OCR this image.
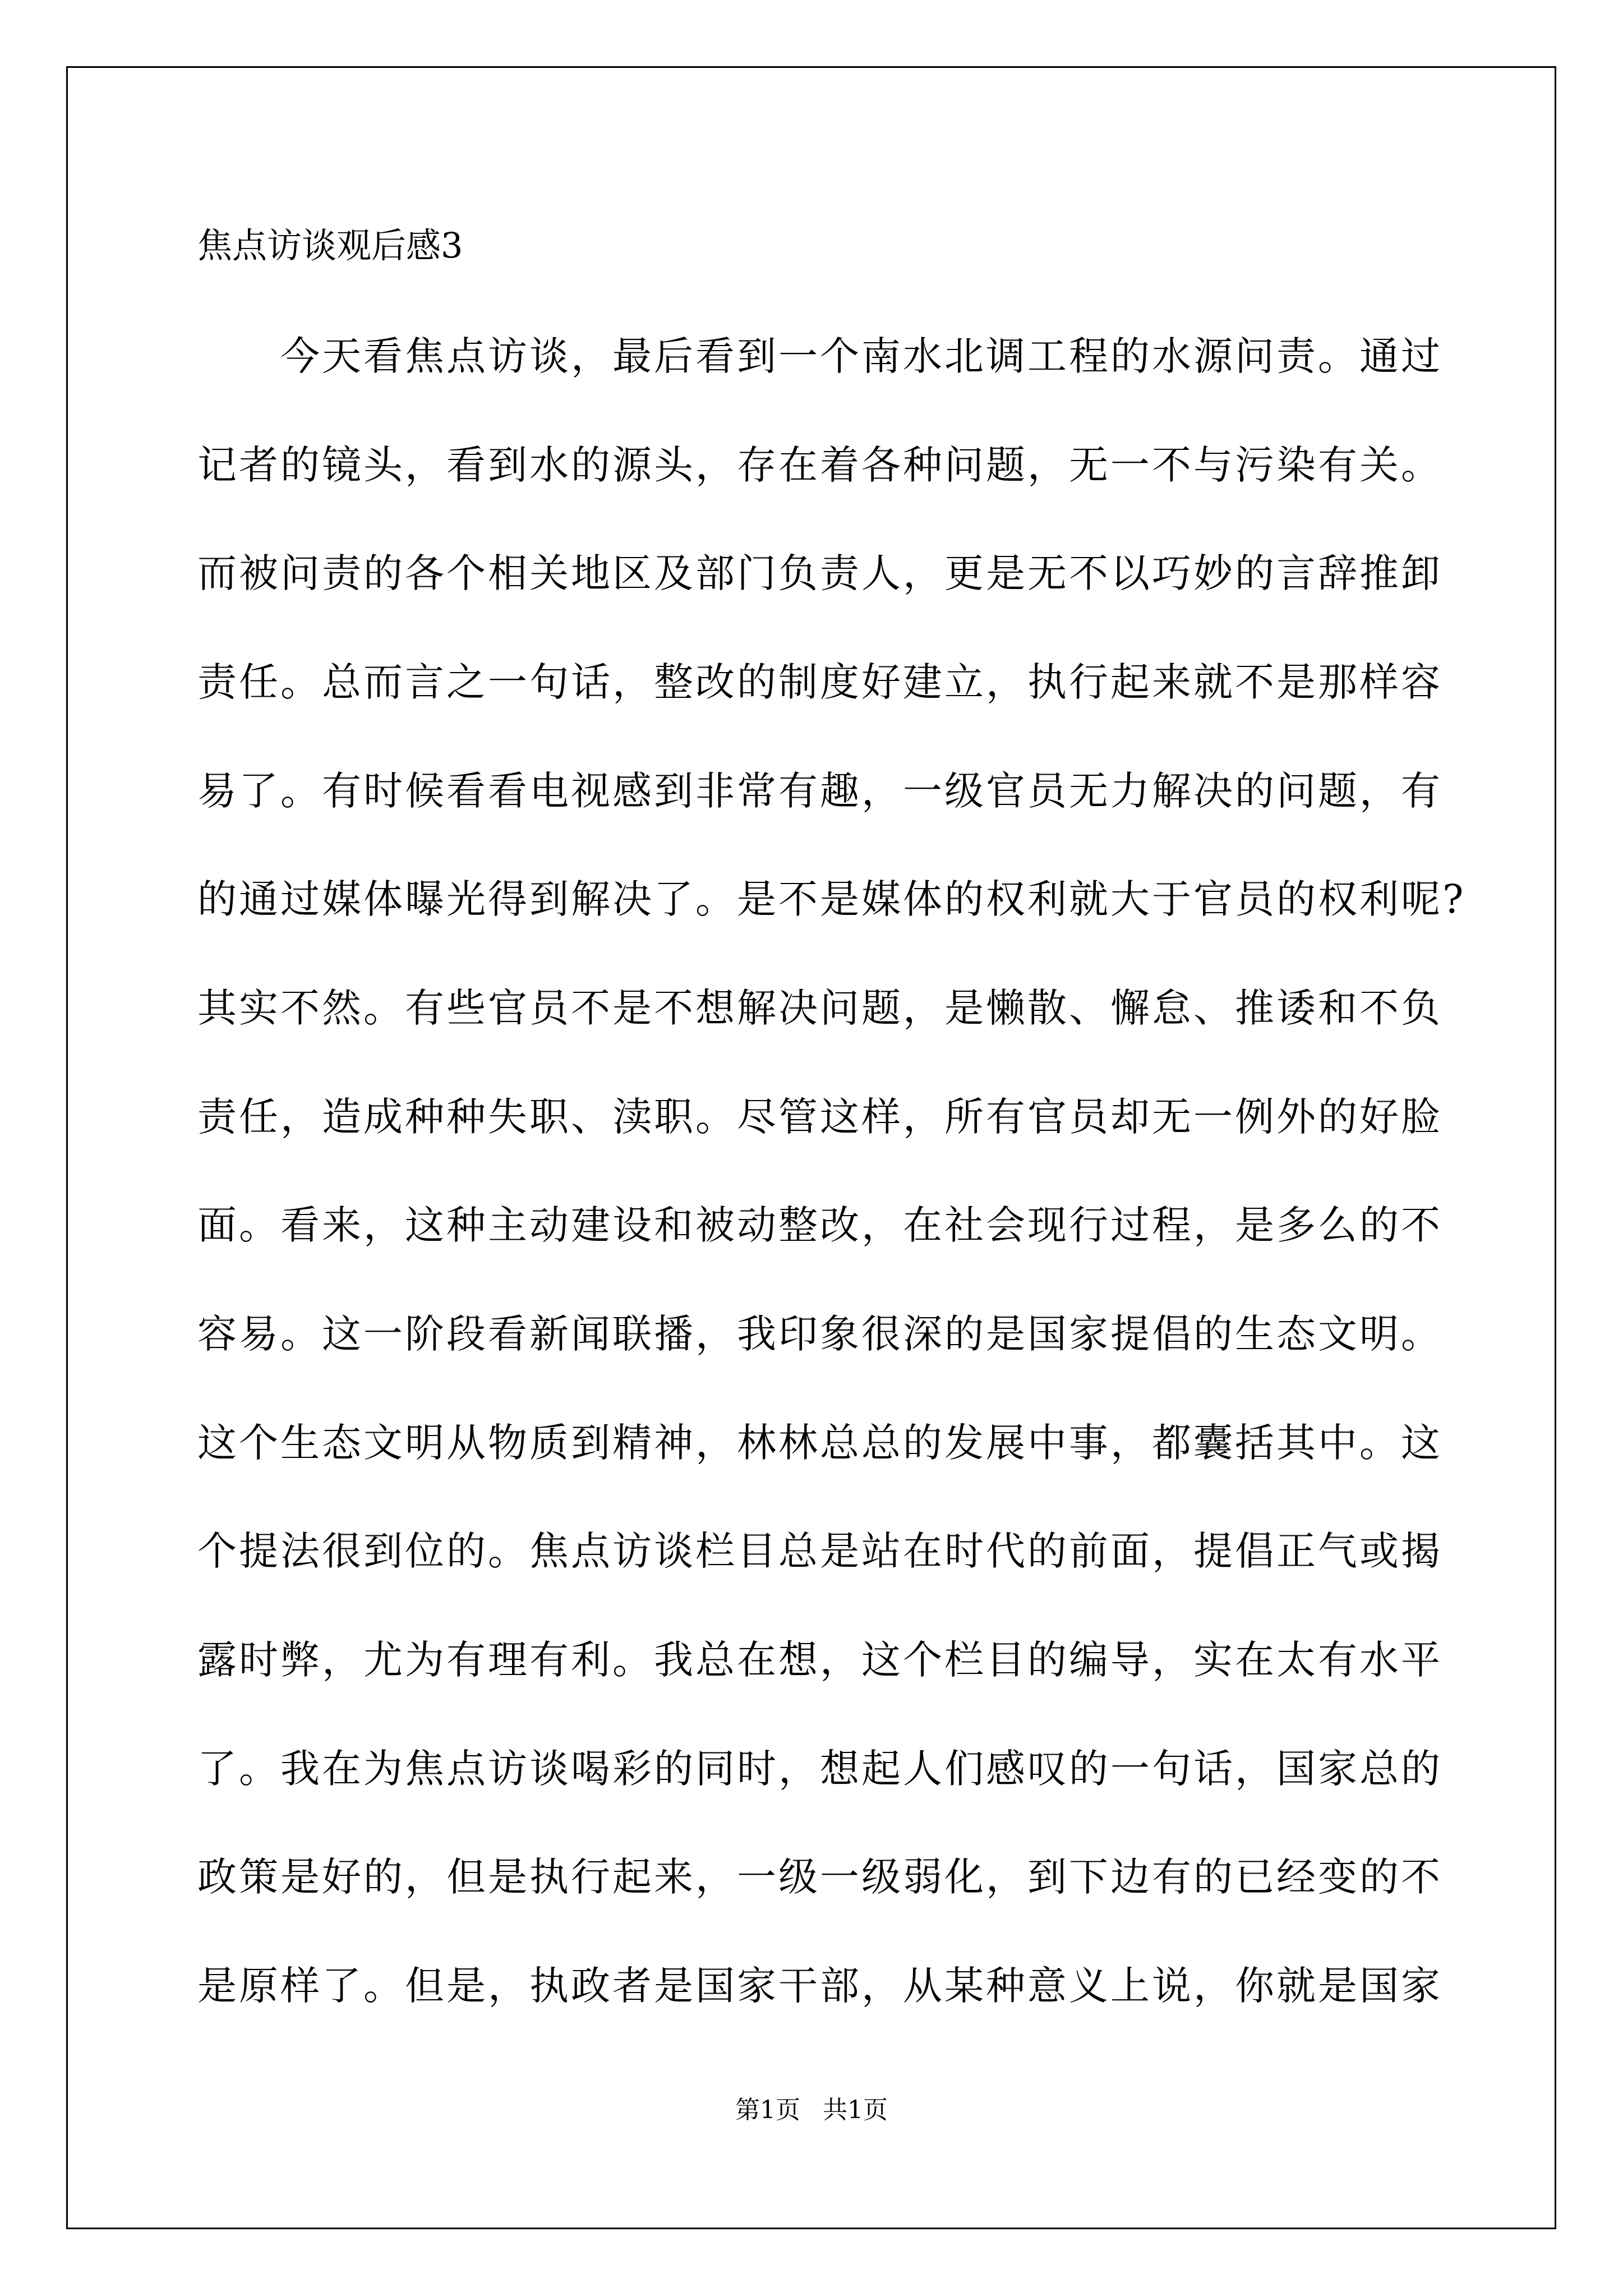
焦点访谈观后感3
　　今天看焦点访谈，最后看到一个南水北调工程的水源问责。通过
记者的镜头，看到水的源头，存在着各种问题，无一不与污染有关。
而被问责的各个相关地区及部门负责人，更是无不以巧妙的言辞推卸
责任。总而言之一句话，整改的制度好建立，执行起来就不是那样容
易了。有时候看看电视感到非常有趣，一级官员无力解决的问题，有
的通过媒体曝光得到解决了。是不是媒体的权利就大于官员的权利呢?
其实不然。有些官员不是不想解决问题，是懒散、懈怠、推诿和不负
责任，造成种种失职、渎职。尽管这样，所有官员却无一例外的好脸
面。看来，这种主动建设和被动整改，在社会现行过程，是多么的不
容易。这一阶段看新闻联播，我印象很深的是国家提倡的生态文明。
这个生态文明从物质到精神，林林总总的发展中事，都囊括其中。这
个提法很到位的。焦点访谈栏目总是站在时代的前面，提倡正气或揭
露时弊，尤为有理有利。我总在想，这个栏目的编导，实在太有水平
了。我在为焦点访谈喝彩的同时，想起人们感叹的一句话，国家总的
政策是好的，但是执行起来，一级一级弱化，到下边有的已经变的不
是原样了。但是，执政者是国家干部，从某种意义上说，你就是国家
第1页 共1页
